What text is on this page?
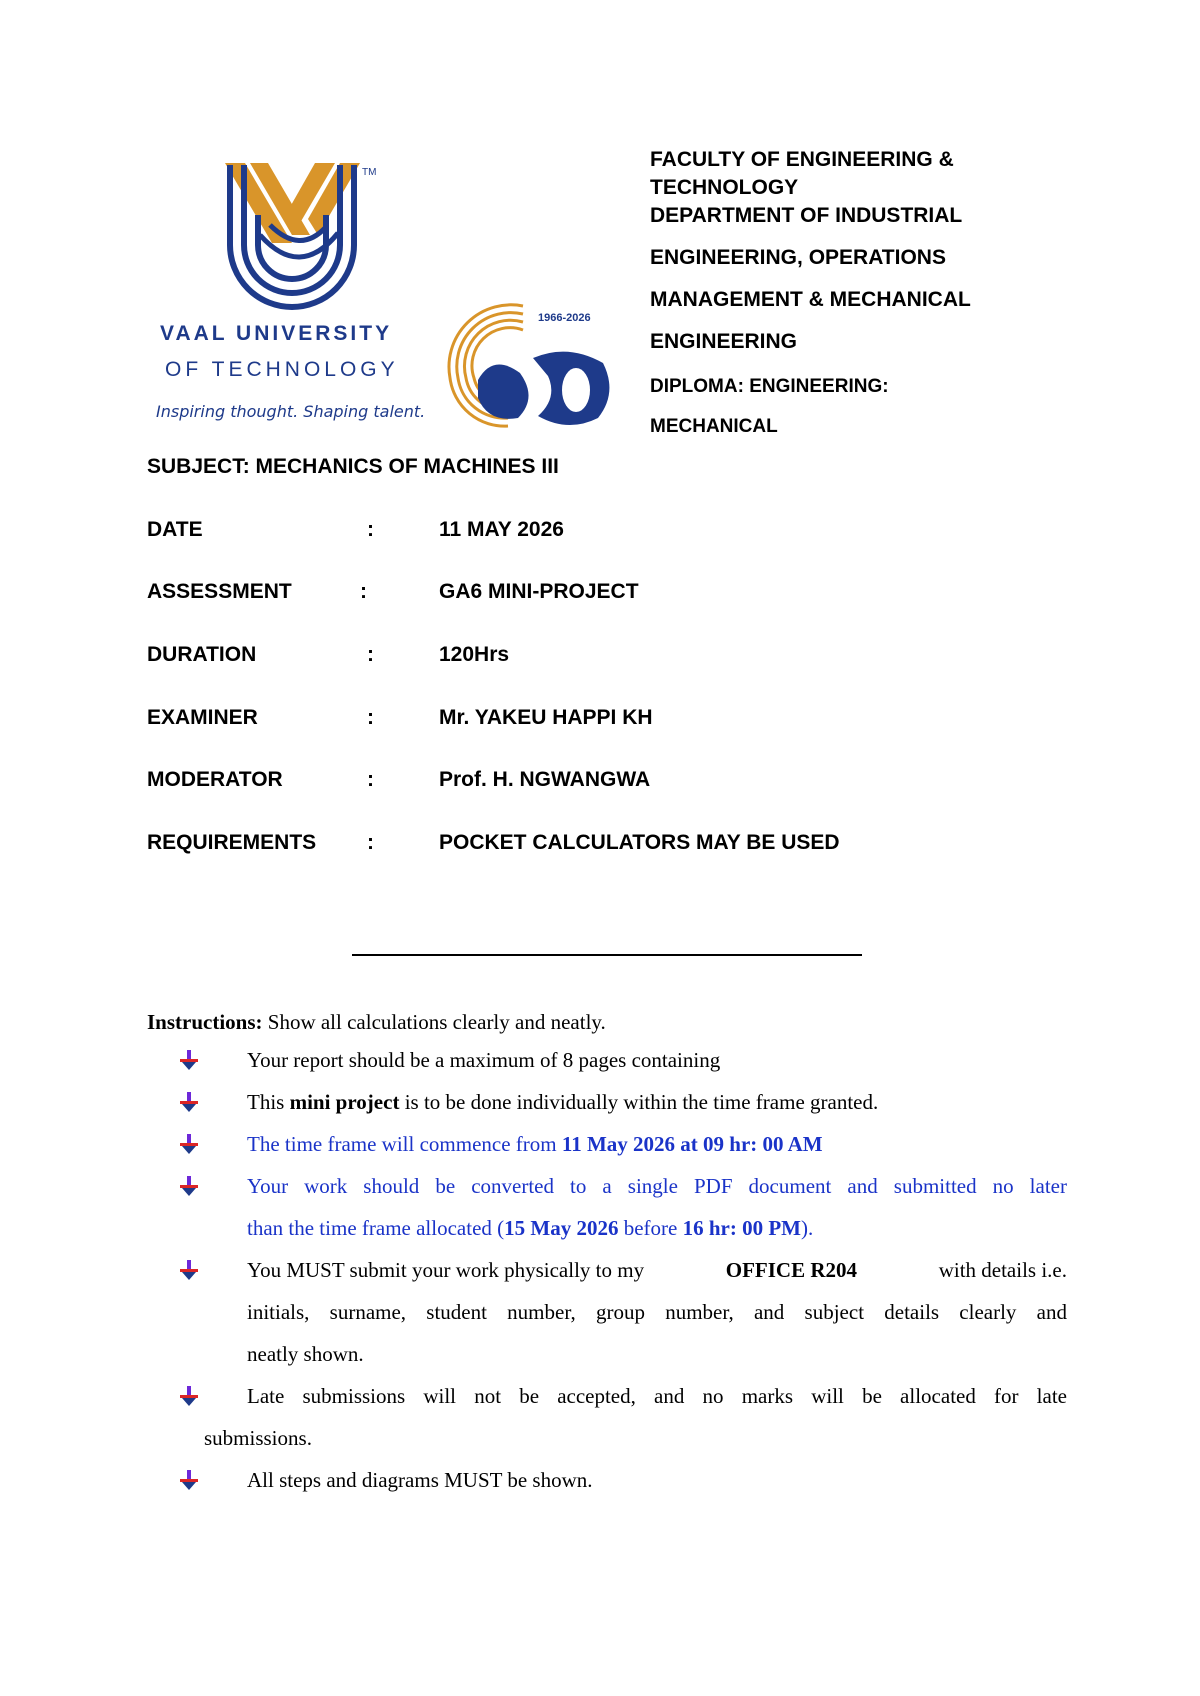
TM
VAAL UNIVERSITY
OF TECHNOLOGY
Inspiring thought. Shaping talent.
1966-2026
FACULTY OF ENGINEERING &
TECHNOLOGY
DEPARTMENT OF INDUSTRIAL
ENGINEERING, OPERATIONS
MANAGEMENT & MECHANICAL
ENGINEERING
DIPLOMA: ENGINEERING:
MECHANICAL
SUBJECT: MECHANICS OF MACHINES III
DATE	:	11 MAY 2026
ASSESSMENT	:	GA6 MINI-PROJECT
DURATION	:	120Hrs
EXAMINER	:	Mr. YAKEU HAPPI KH
MODERATOR	:	Prof. H. NGWANGWA
REQUIREMENTS :	POCKET CALCULATORS MAY BE USED
Instructions: Show all calculations clearly and neatly.
Your report should be a maximum of 8 pages containing
This mini project is to be done individually within the time frame granted.
The time frame will commence from 11 May 2026 at 09 hr: 00 AM
Your work should be converted to a single PDF document and submitted no later
than the time frame allocated (15 May 2026 before 16 hr: 00 PM).
You MUST submit your work physically to my	OFFICE R204	with details i.e.
initials, surname, student number, group number, and subject details clearly and
neatly shown.
Late submissions will not be accepted, and no marks will be allocated for late
submissions.
All steps and diagrams MUST be shown.
